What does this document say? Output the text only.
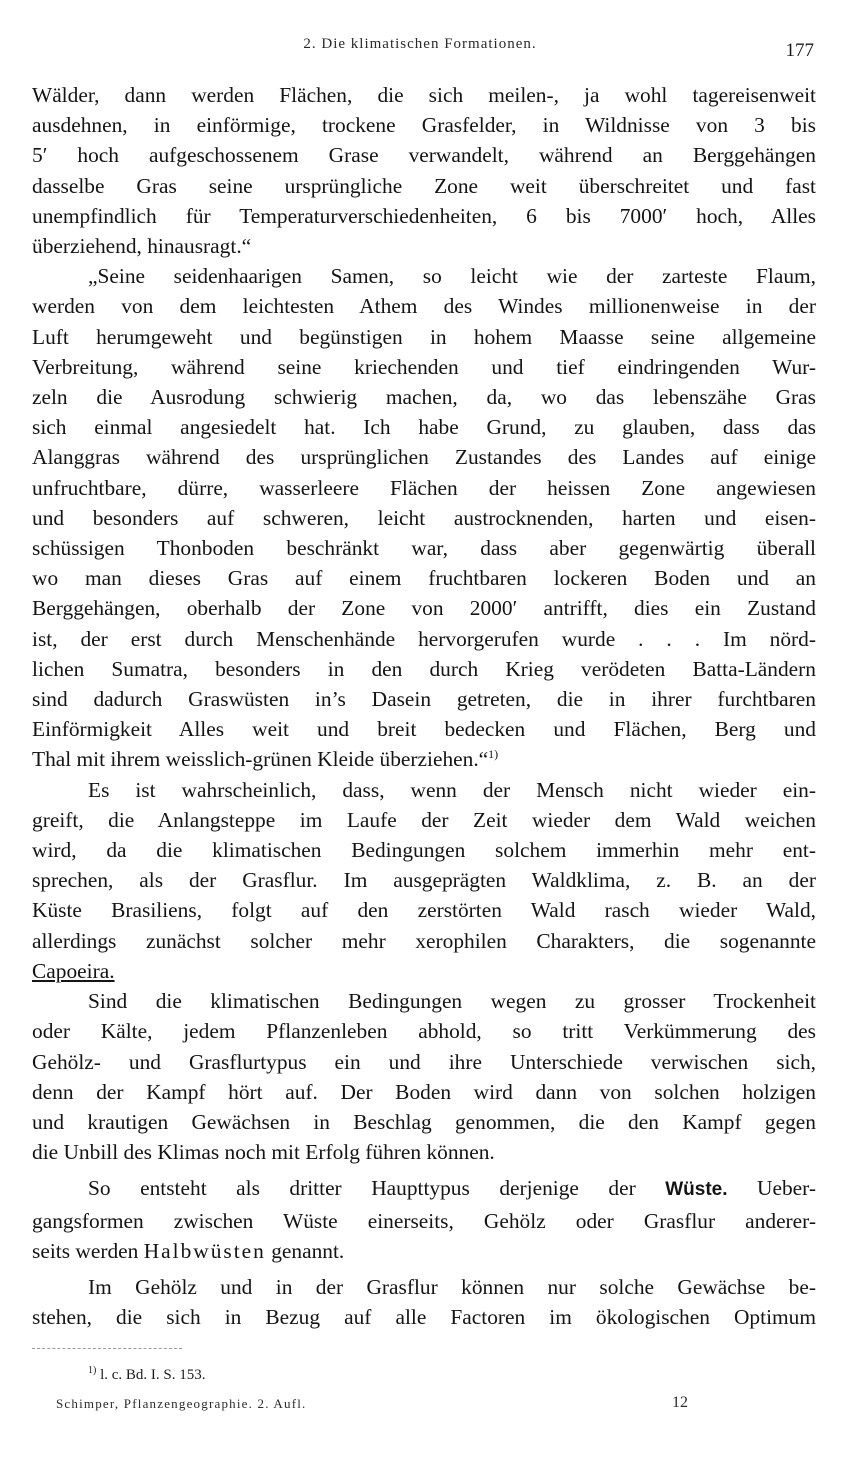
2. Die klimatischen Formationen.	177
Wälder, dann werden Flächen, die sich meilen-, ja wohl tagereisenweit
ausdehnen, in einförmige, trockene Grasfelder, in Wildnisse von 3 bis
5′ hoch aufgeschossenem Grase verwandelt, während an Berggehängen
dasselbe Gras seine ursprüngliche Zone weit überschreitet und fast
unempfindlich für Temperaturverschiedenheiten, 6 bis 7000′ hoch, Alles
überziehend, hinausragt.“
„Seine seidenhaarigen Samen, so leicht wie der zarteste Flaum,
werden von dem leichtesten Athem des Windes millionenweise in der
Luft herumgeweht und begünstigen in hohem Maasse seine allgemeine
Verbreitung, während seine kriechenden und tief eindringenden Wur-
zeln die Ausrodung schwierig machen, da, wo das lebenszähe Gras
sich einmal angesiedelt hat. Ich habe Grund, zu glauben, dass das
Alanggras während des ursprünglichen Zustandes des Landes auf einige
unfruchtbare, dürre, wasserleere Flächen der heissen Zone angewiesen
und besonders auf schweren, leicht austrocknenden, harten und eisen-
schüssigen Thonboden beschränkt war, dass aber gegenwärtig überall
wo man dieses Gras auf einem fruchtbaren lockeren Boden und an
Berggehängen, oberhalb der Zone von 2000′ antrifft, dies ein Zustand
ist, der erst durch Menschenhände hervorgerufen wurde . . . Im nörd-
lichen Sumatra, besonders in den durch Krieg verödeten Batta-Ländern
sind dadurch Graswüsten in’s Dasein getreten, die in ihrer furchtbaren
Einförmigkeit Alles weit und breit bedecken und Flächen, Berg und
Thal mit ihrem weisslich-grünen Kleide überziehen.“$^{1)}$
Es ist wahrscheinlich, dass, wenn der Mensch nicht wieder ein-
greift, die Anlangsteppe im Laufe der Zeit wieder dem Wald weichen
wird, da die klimatischen Bedingungen solchem immerhin mehr ent-
sprechen, als der Grasflur. Im ausgeprägten Waldklima, z. B. an der
Küste Brasiliens, folgt auf den zerstörten Wald rasch wieder Wald,
allerdings zunächst solcher mehr xerophilen Charakters, die sogenannte
Capoeira.
Sind die klimatischen Bedingungen wegen zu grosser Trockenheit
oder Kälte, jedem Pflanzenleben abhold, so tritt Verkümmerung des
Gehölz- und Grasflurtypus ein und ihre Unterschiede verwischen sich,
denn der Kampf hört auf. Der Boden wird dann von solchen holzigen
und krautigen Gewächsen in Beschlag genommen, die den Kampf gegen
die Unbill des Klimas noch mit Erfolg führen können.
So entsteht als dritter Haupttypus derjenige der Wüste. Ueber-
gangsformen zwischen Wüste einerseits, Gehölz oder Grasflur anderer-
seits werden Halbwüsten genannt.
Im Gehölz und in der Grasflur können nur solche Gewächse be-
stehen, die sich in Bezug auf alle Factoren im ökologischen Optimum
$^{1)}$ l. c. Bd. I. S. 153.
Schimper, Pflanzengeographie. 2. Aufl.	12
